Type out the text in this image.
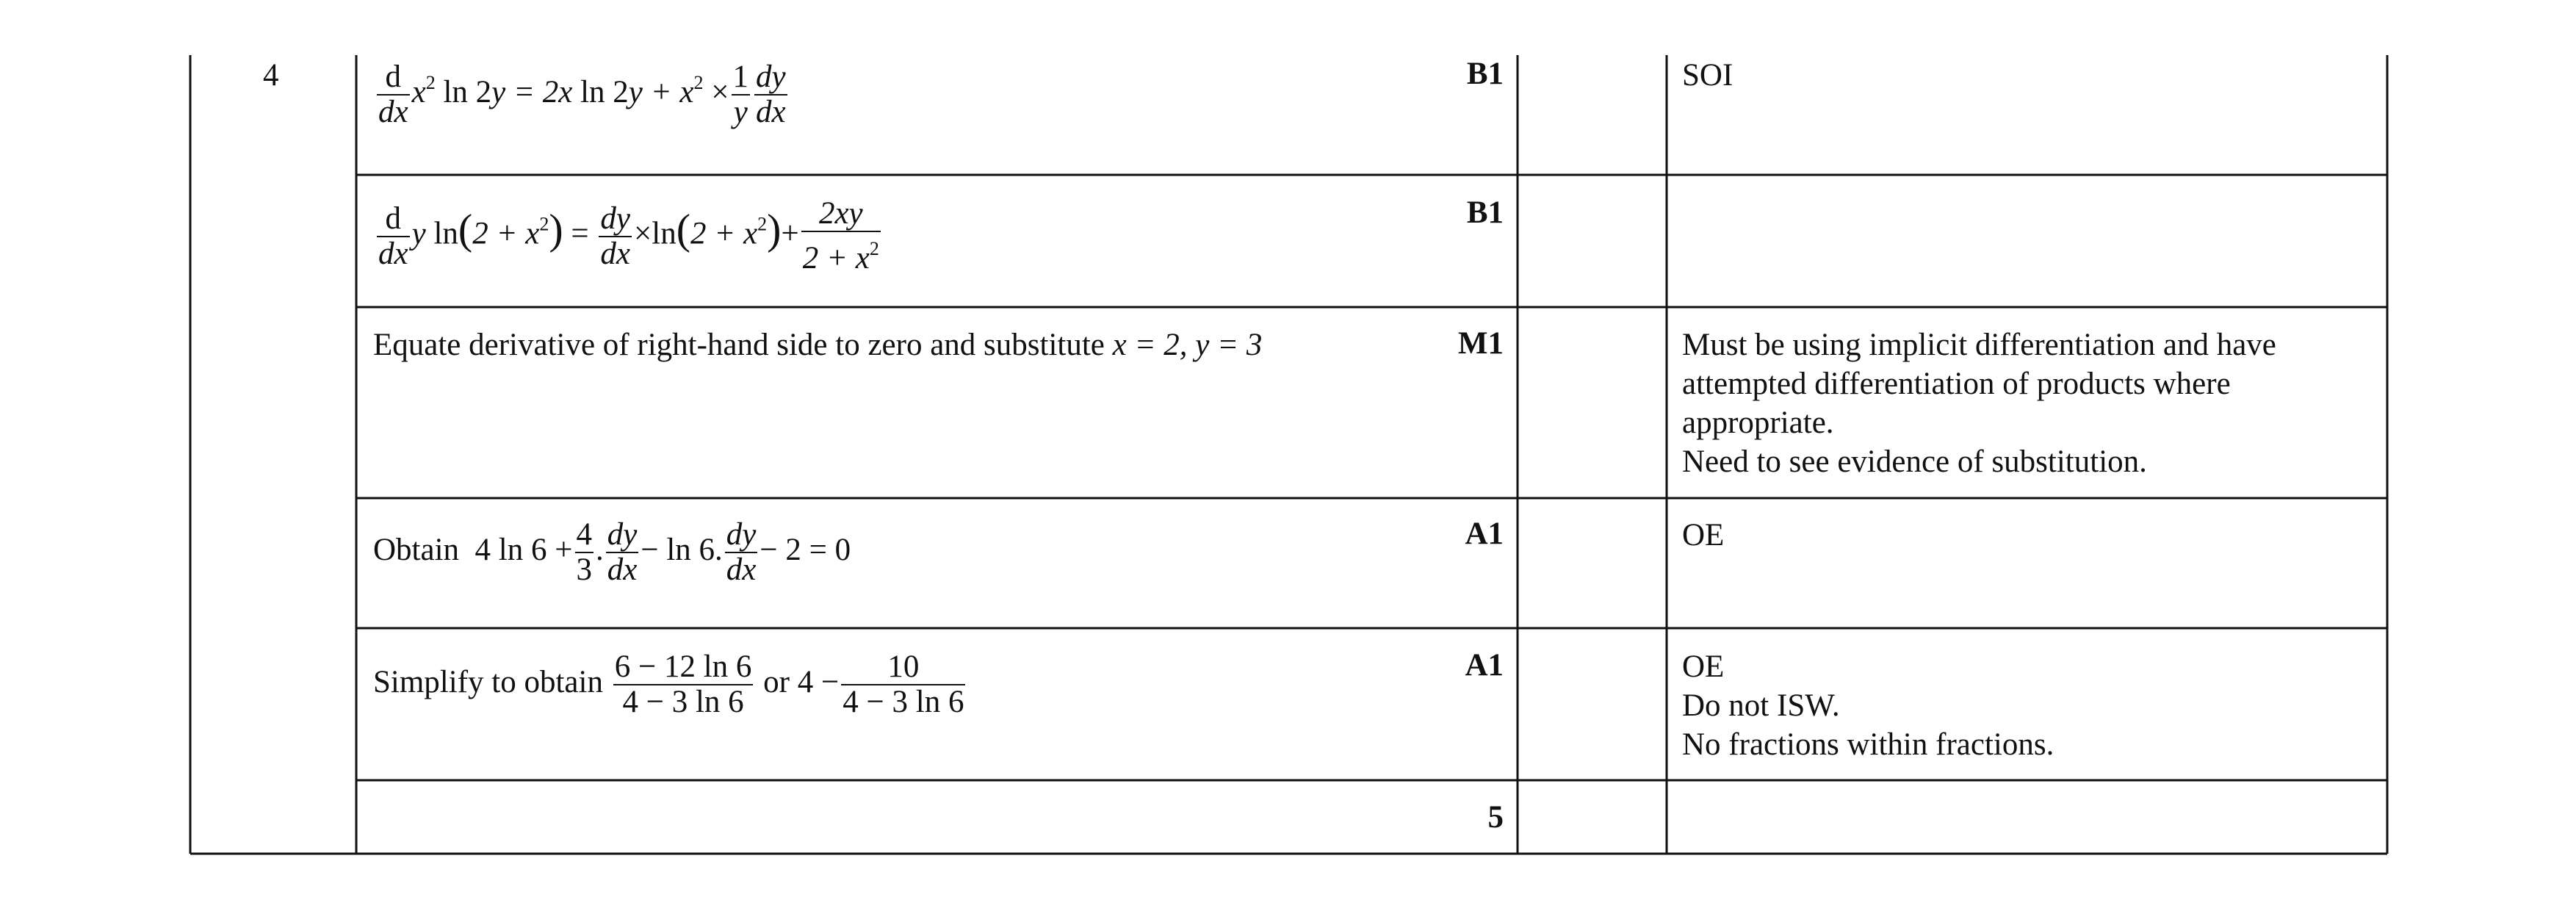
4	$\frac{d}{dx} x^2$ ln 2y = 2x $\ln 2y + x^2 \times \frac{1}{y} \frac{dy}{dx}$	B1	SOI
$\frac{d}{dx}$ y $\ln(2 + x^2) = \frac{dy}{dx} \times\ln(2 + x^2)+ \frac{2xy}{2 + x^2}$	B1
Equate derivative of right-hand side to zero and substitute x = 2, y = 3	M1	Must be using implicit differentiation and have
attempted differentiation of products where
appropriate.
Need to see evidence of substitution.
Obtain 4 $\ln 6 + \frac{4}{3}$ . $\frac{dy}{dx} - \ln 6$. $\frac{dy}{dx} - 2 = 0$	A1	OE
Simplify to obtain $\frac{6 - 12 \ln 6}{4 - 3 \ln 6}$ or $4 - \frac{10}{4 - 3 \ln 6}$	A1	OE
Do not ISW.
No fractions within fractions.
5
